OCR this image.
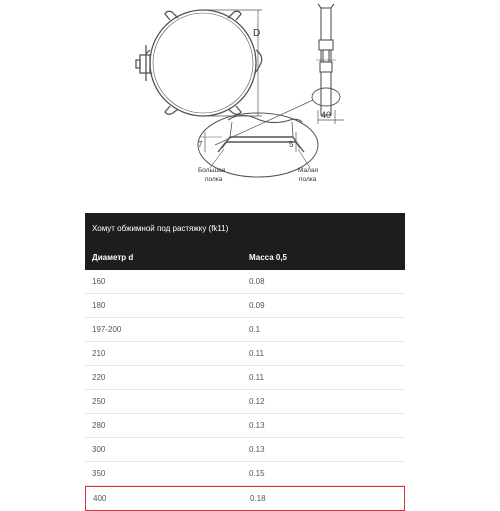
D
40
7	5
Большая
полка
Малая
полка
Хомут обжимной под растяжку (fk11)
Диаметр d	Масса 0,5
160	0.08
180	0.09
197-200	0.1
210	0.11
220	0.11
250	0.12
280	0.13
300	0.13
350	0.15
400	0.18
